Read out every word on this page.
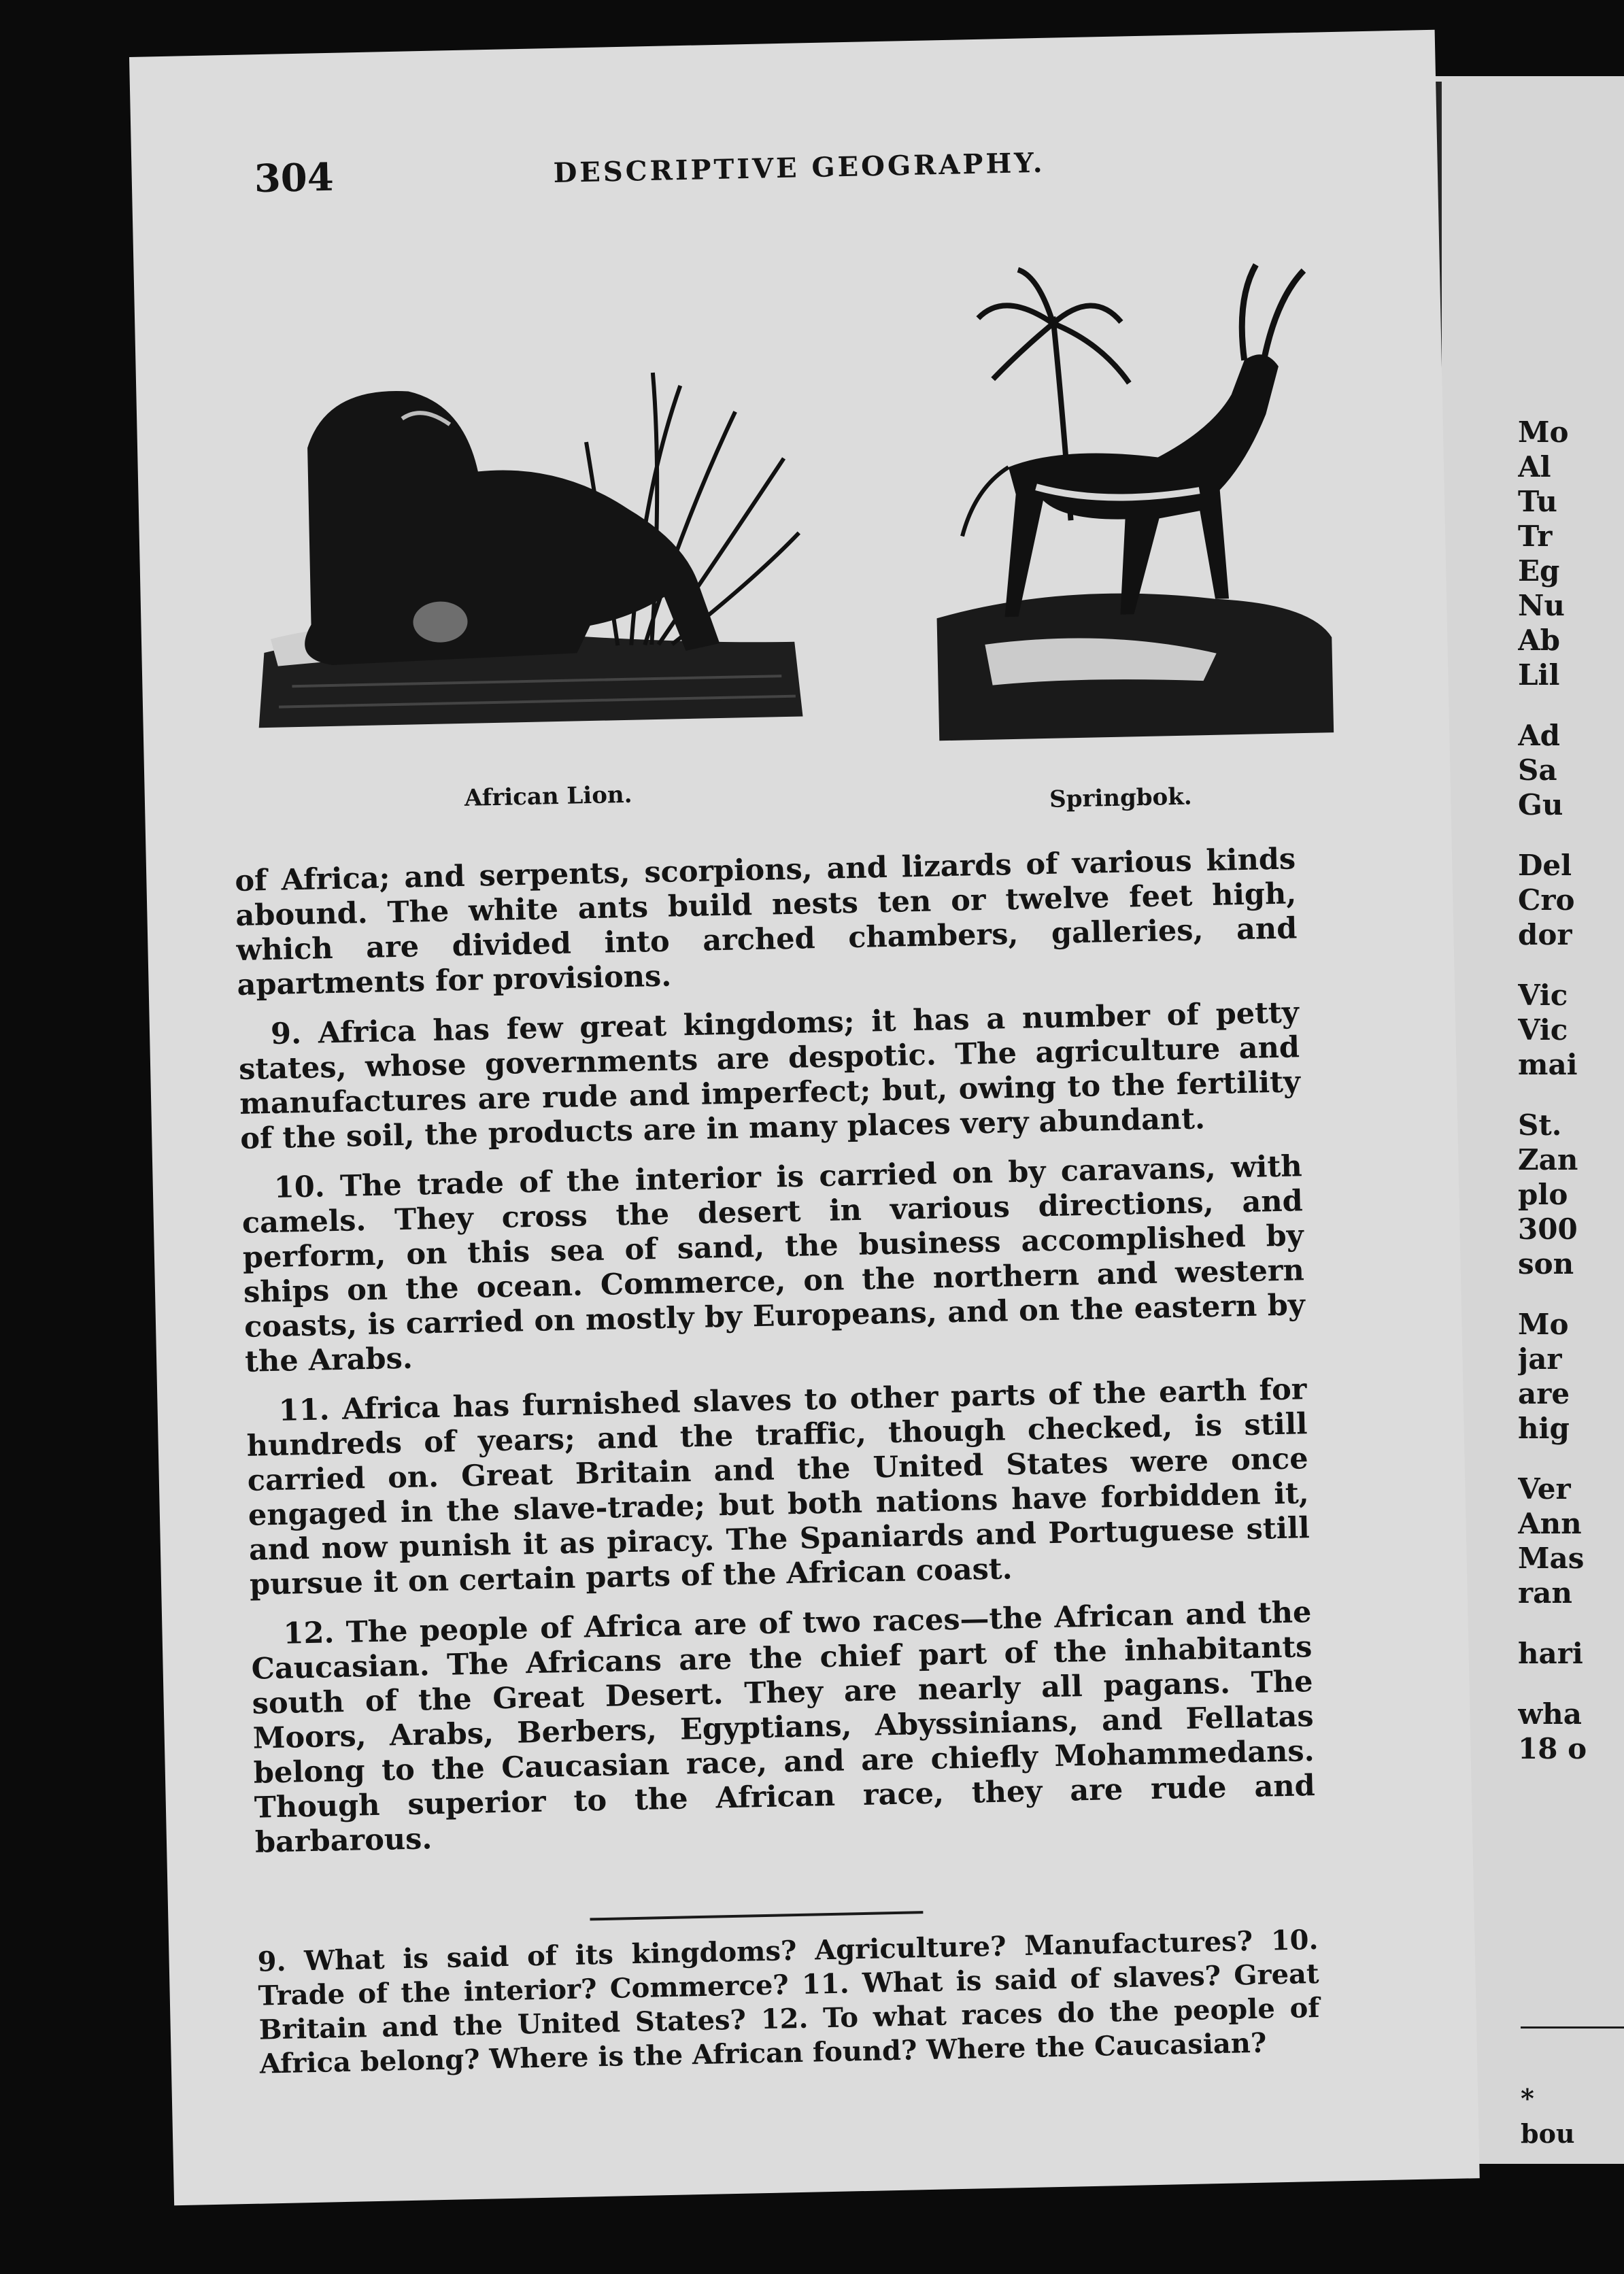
304	DESCRIPTIVE GEOGRAPHY.
African Lion.	Springbok.

of Africa; and serpents, scorpions, and lizards of various kinds abound. The white ants build nests ten or twelve feet high, which are divided into arched chambers, galleries, and apartments for provisions.

9. Africa has few great kingdoms; it has a number of petty states, whose governments are despotic. The agriculture and manufactures are rude and imperfect; but, owing to the fertility of the soil, the products are in many places very abundant.

10. The trade of the interior is carried on by caravans, with camels. They cross the desert in various directions, and perform, on this sea of sand, the business accomplished by ships on the ocean. Commerce, on the northern and western coasts, is carried on mostly by Europeans, and on the eastern by the Arabs.

11. Africa has furnished slaves to other parts of the earth for hundreds of years; and the traffic, though checked, is still carried on. Great Britain and the United States were once engaged in the slave-trade; but both nations have forbidden it, and now punish it as piracy. The Spaniards and Portuguese still pursue it on certain parts of the African coast.

12. The people of Africa are of two races—the African and the Caucasian. The Africans are the chief part of the inhabitants south of the Great Desert. They are nearly all pagans. The Moors, Arabs, Berbers, Egyptians, Abyssinians, and Fellatas belong to the Caucasian race, and are chiefly Mohammedans. Though superior to the African race, they are rude and barbarous.

9. What is said of its kingdoms? Agriculture? Manufactures? 10. Trade of the interior? Commerce? 11. What is said of slaves? Great Britain and the United States? 12. To what races do the people of Africa belong? Where is the African found? Where the Caucasian?
Mo
Al
Tu
Tr
Eg
Nu
Ab
Lil
Ad
Sa
Gu
Del
Cro
dor
Vic
Vic
mai
St.
Zan
plo
300
son
Mo
jar
are
hig
Ver
Ann
Mas
ran
hari
wha
18 o
*
bou
